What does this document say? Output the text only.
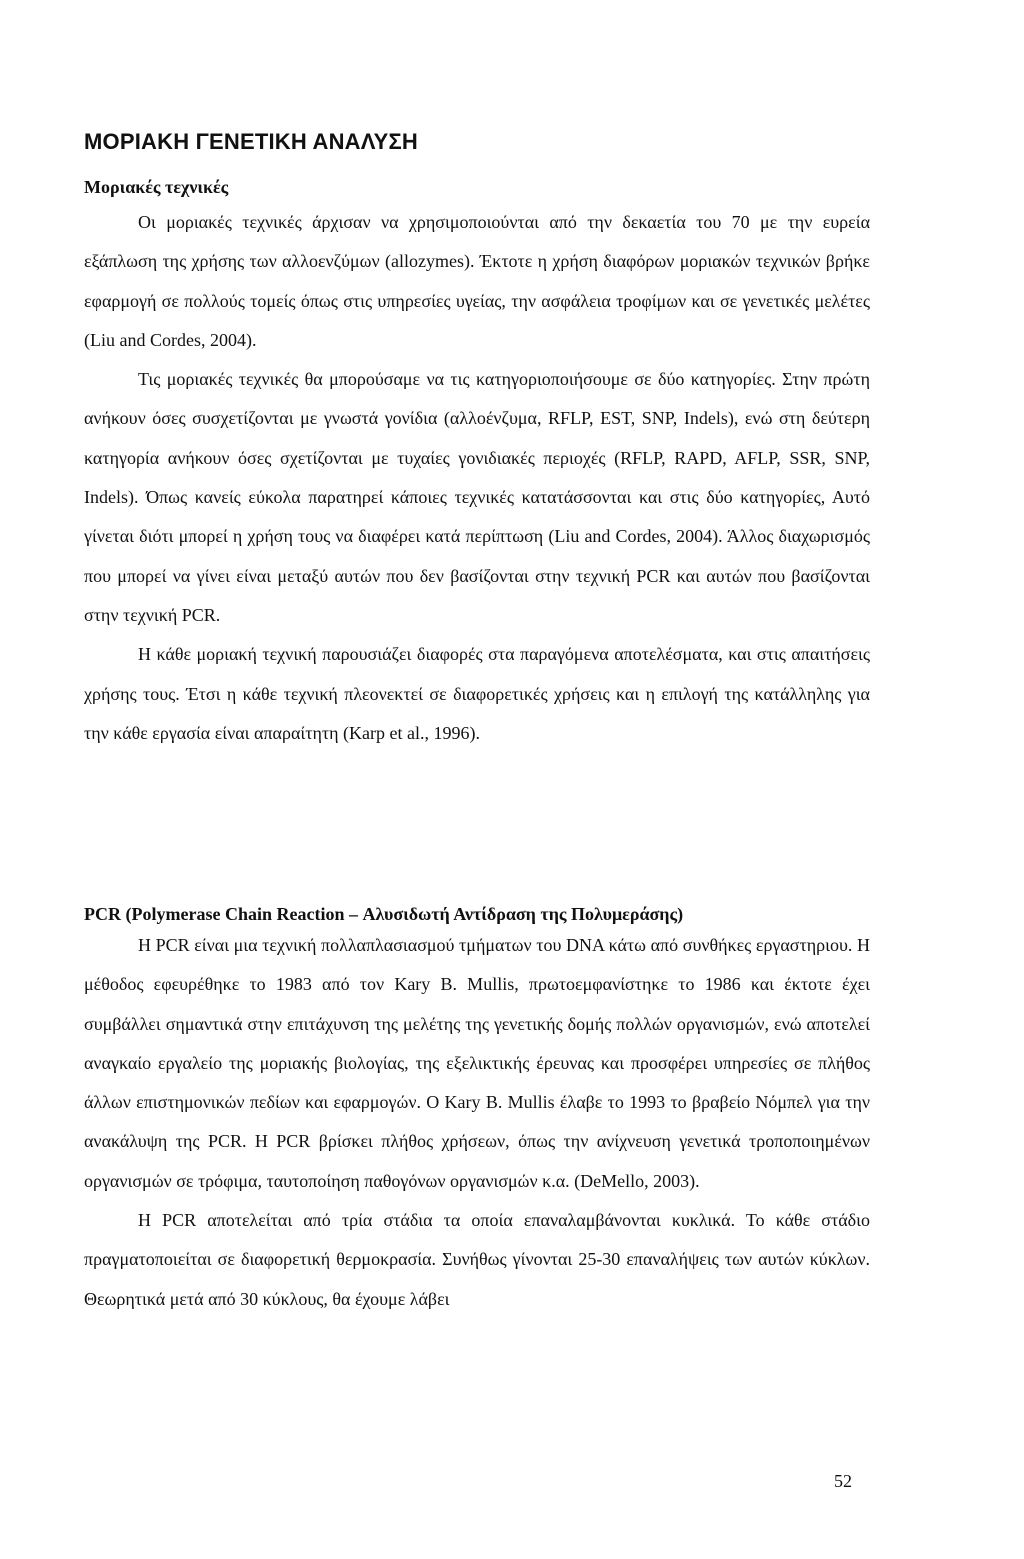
ΜΟΡΙΑΚΗ ΓΕΝΕΤΙΚΗ ΑΝΑΛΥΣΗ
Μοριακές τεχνικές

Οι μοριακές τεχνικές άρχισαν να χρησιμοποιούνται από την δεκαετία του 70 με την ευρεία εξάπλωση της χρήσης των αλλοενζύμων (allozymes). Έκτοτε η χρήση διαφόρων μοριακών τεχνικών βρήκε εφαρμογή σε πολλούς τομείς όπως στις υπηρεσίες υγείας, την ασφάλεια τροφίμων και σε γενετικές μελέτες (Liu and Cordes, 2004).

Τις μοριακές τεχνικές θα μπορούσαμε να τις κατηγοριοποιήσουμε σε δύο κατηγορίες. Στην πρώτη ανήκουν όσες συσχετίζονται με γνωστά γονίδια (αλλοένζυμα, RFLP, EST, SNP, Indels), ενώ στη δεύτερη κατηγορία ανήκουν όσες σχετίζονται με τυχαίες γονιδιακές περιοχές (RFLP, RAPD, AFLP, SSR, SNP, Indels). Όπως κανείς εύκολα παρατηρεί κάποιες τεχνικές κατατάσσονται και στις δύο κατηγορίες, Αυτό γίνεται διότι μπορεί η χρήση τους να διαφέρει κατά περίπτωση (Liu and Cordes, 2004). Άλλος διαχωρισμός που μπορεί να γίνει είναι μεταξύ αυτών που δεν βασίζονται στην τεχνική PCR και αυτών που βασίζονται στην τεχνική PCR.

Η κάθε μοριακή τεχνική παρουσιάζει διαφορές στα παραγόμενα αποτελέσματα, και στις απαιτήσεις χρήσης τους. Έτσι η κάθε τεχνική πλεονεκτεί σε διαφορετικές χρήσεις και η επιλογή της κατάλληλης για την κάθε εργασία είναι απαραίτητη (Karp et al., 1996).

PCR (Polymerase Chain Reaction – Αλυσιδωτή Αντίδραση της Πολυμεράσης)

Η PCR είναι μια τεχνική πολλαπλασιασμού τμήματων του DNA κάτω από συνθήκες εργαστηριου. Η μέθοδος εφευρέθηκε το 1983 από τον Kary B. Mullis, πρωτοεμφανίστηκε το 1986 και έκτοτε έχει συμβάλλει σημαντικά στην επιτάχυνση της μελέτης της γενετικής δομής πολλών οργανισμών, ενώ αποτελεί αναγκαίο εργαλείο της μοριακής βιολογίας, της εξελικτικής έρευνας και προσφέρει υπηρεσίες σε πλήθος άλλων επιστημονικών πεδίων και εφαρμογών. Ο Kary B. Mullis έλαβε το 1993 το βραβείο Νόμπελ για την ανακάλυψη της PCR. Η PCR βρίσκει πλήθος χρήσεων, όπως την ανίχνευση γενετικά τροποποιημένων οργανισμών σε τρόφιμα, ταυτοποίηση παθογόνων οργανισμών κ.α. (DeMello, 2003).

Η PCR αποτελείται από τρία στάδια τα οποία επαναλαμβάνονται κυκλικά. Το κάθε στάδιο πραγματοποιείται σε διαφορετική θερμοκρασία. Συνήθως γίνονται 25-30 επαναλήψεις των αυτών κύκλων. Θεωρητικά μετά από 30 κύκλους, θα έχουμε λάβει

52
